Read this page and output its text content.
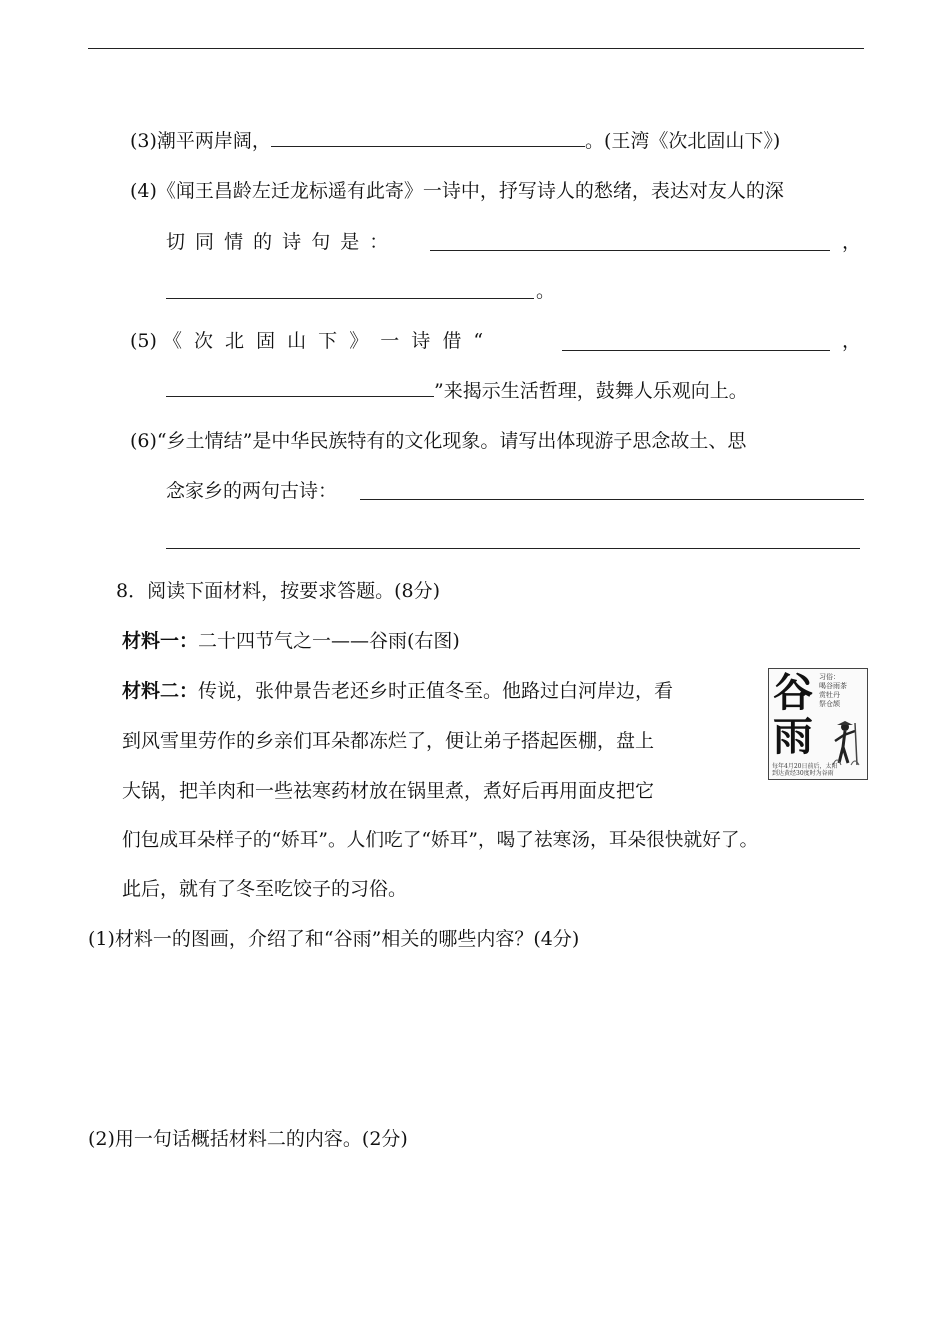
(3)潮平两岸阔，	。(王湾《次北固山下》)
(4)《闻王昌龄左迁龙标遥有此寄》一诗中，抒写诗人的愁绪，表达对友人的深
切 同 情 的 诗 句 是 ：	，
。
(5) 《 次 北 固 山 下 》 一 诗 借 “	，
”来揭示生活哲理，鼓舞人乐观向上。
(6)“乡土情结”是中华民族特有的文化现象。请写出体现游子思念故土、思
念家乡的两句古诗：
8．阅读下面材料，按要求答题。(8分)
材料一：二十四节气之一——谷雨(右图)
材料二：传说，张仲景告老还乡时正值冬至。他路过白河岸边，看
到风雪里劳作的乡亲们耳朵都冻烂了，便让弟子搭起医棚，盘上
大锅，把羊肉和一些祛寒药材放在锅里煮，煮好后再用面皮把它
们包成耳朵样子的“娇耳”。人们吃了“娇耳”，喝了祛寒汤，耳朵很快就好了。
此后，就有了冬至吃饺子的习俗。
谷
雨
习俗：
喝谷雨茶
赏牡丹
祭仓颉
每年4月20日前后，太阳
到达黄经30度时为谷雨
(1)材料一的图画，介绍了和“谷雨”相关的哪些内容？(4分)
(2)用一句话概括材料二的内容。(2分)
